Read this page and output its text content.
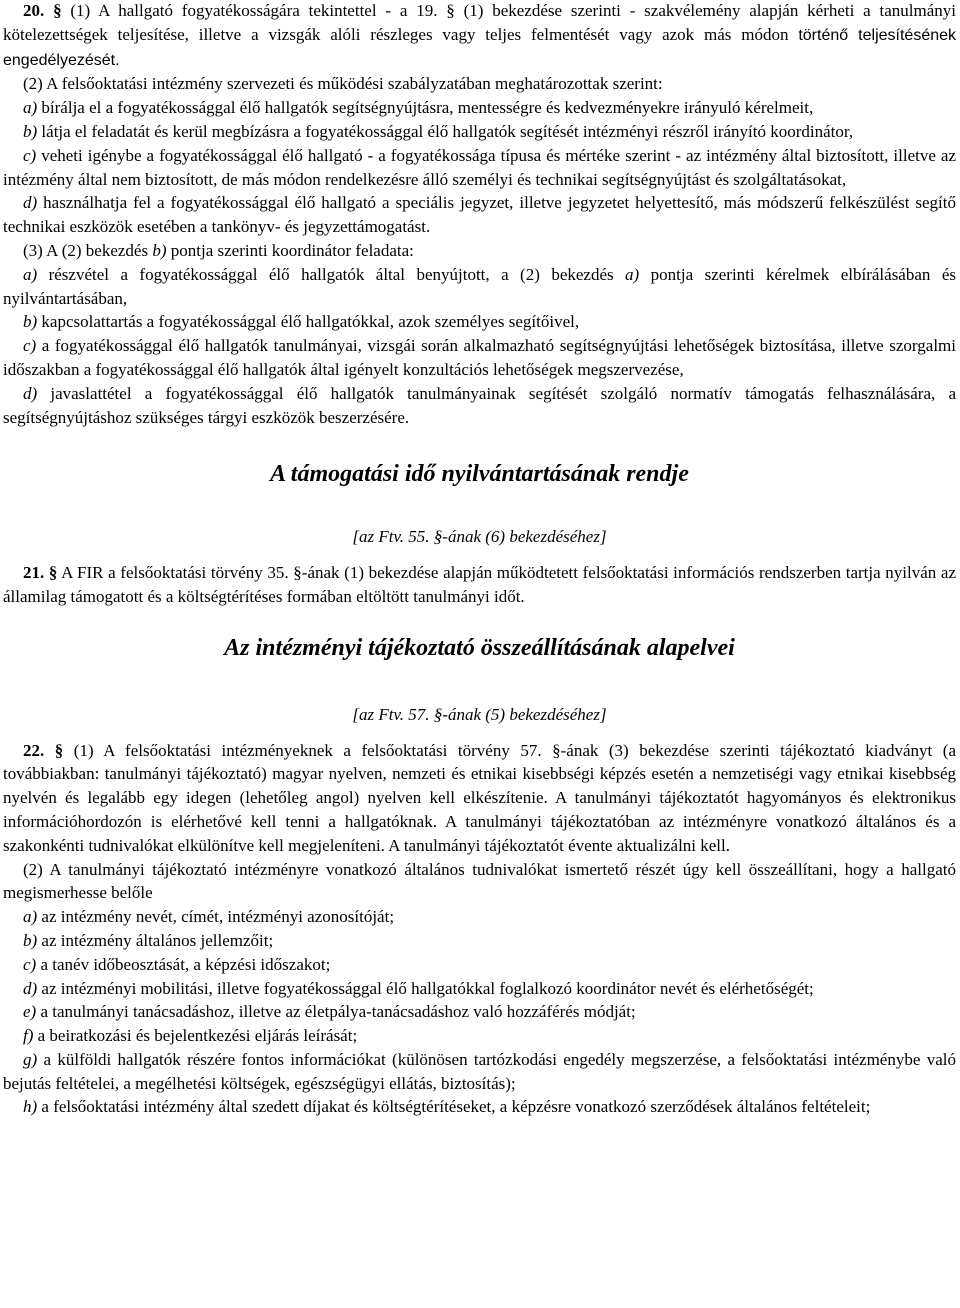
20. § (1) A hallgató fogyatékosságára tekintettel - a 19. § (1) bekezdése szerinti - szakvélemény alapján kérheti a tanulmányi kötelezettségek teljesítése, illetve a vizsgák alóli részleges vagy teljes felmentését vagy azok más módon történő teljesítésének engedélyezését.

(2) A felsőoktatási intézmény szervezeti és működési szabályzatában meghatározottak szerint:

a) bírálja el a fogyatékossággal élő hallgatók segítségnyújtásra, mentességre és kedvezményekre irányuló kérelmeit,

b) látja el feladatát és kerül megbízásra a fogyatékossággal élő hallgatók segítését intézményi részről irányító koordinátor,

c) veheti igénybe a fogyatékossággal élő hallgató - a fogyatékossága típusa és mértéke szerint - az intézmény által biztosított, illetve az intézmény által nem biztosított, de más módon rendelkezésre álló személyi és technikai segítségnyújtást és szolgáltatásokat,

d) használhatja fel a fogyatékossággal élő hallgató a speciális jegyzet, illetve jegyzetet helyettesítő, más módszerű felkészülést segítő technikai eszközök esetében a tankönyv- és jegyzettámogatást.

(3) A (2) bekezdés b) pontja szerinti koordinátor feladata:

a) részvétel a fogyatékossággal élő hallgatók által benyújtott, a (2) bekezdés a) pontja szerinti kérelmek elbírálásában és nyilvántartásában,

b) kapcsolattartás a fogyatékossággal élő hallgatókkal, azok személyes segítőivel,

c) a fogyatékossággal élő hallgatók tanulmányai, vizsgái során alkalmazható segítségnyújtási lehetőségek biztosítása, illetve szorgalmi időszakban a fogyatékossággal élő hallgatók által igényelt konzultációs lehetőségek megszervezése,

d) javaslattétel a fogyatékossággal élő hallgatók tanulmányainak segítését szolgáló normatív támogatás felhasználására, a segítségnyújtáshoz szükséges tárgyi eszközök beszerzésére.

A támogatási idő nyilvántartásának rendje

[az Ftv. 55. §-ának (6) bekezdéséhez]

21. § A FIR a felsőoktatási törvény 35. §-ának (1) bekezdése alapján működtetett felsőoktatási információs rendszerben tartja nyilván az államilag támogatott és a költségtérítéses formában eltöltött tanulmányi időt.

Az intézményi tájékoztató összeállításának alapelvei

[az Ftv. 57. §-ának (5) bekezdéséhez]

22. § (1) A felsőoktatási intézményeknek a felsőoktatási törvény 57. §-ának (3) bekezdése szerinti tájékoztató kiadványt (a továbbiakban: tanulmányi tájékoztató) magyar nyelven, nemzeti és etnikai kisebbségi képzés esetén a nemzetiségi vagy etnikai kisebbség nyelvén és legalább egy idegen (lehetőleg angol) nyelven kell elkészítenie. A tanulmányi tájékoztatót hagyományos és elektronikus információhordozón is elérhetővé kell tenni a hallgatóknak. A tanulmányi tájékoztatóban az intézményre vonatkozó általános és a szakonkénti tudnivalókat elkülönítve kell megjeleníteni. A tanulmányi tájékoztatót évente aktualizálni kell.

(2) A tanulmányi tájékoztató intézményre vonatkozó általános tudnivalókat ismertető részét úgy kell összeállítani, hogy a hallgató megismerhesse belőle

a) az intézmény nevét, címét, intézményi azonosítóját;

b) az intézmény általános jellemzőit;

c) a tanév időbeosztását, a képzési időszakot;

d) az intézményi mobilitási, illetve fogyatékossággal élő hallgatókkal foglalkozó koordinátor nevét és elérhetőségét;

e) a tanulmányi tanácsadáshoz, illetve az életpálya-tanácsadáshoz való hozzáférés módját;

f) a beiratkozási és bejelentkezési eljárás leírását;

g) a külföldi hallgatók részére fontos információkat (különösen tartózkodási engedély megszerzése, a felsőoktatási intézménybe való bejutás feltételei, a megélhetési költségek, egészségügyi ellátás, biztosítás);

h) a felsőoktatási intézmény által szedett díjakat és költségtérítéseket, a képzésre vonatkozó szerződések általános feltételeit;
